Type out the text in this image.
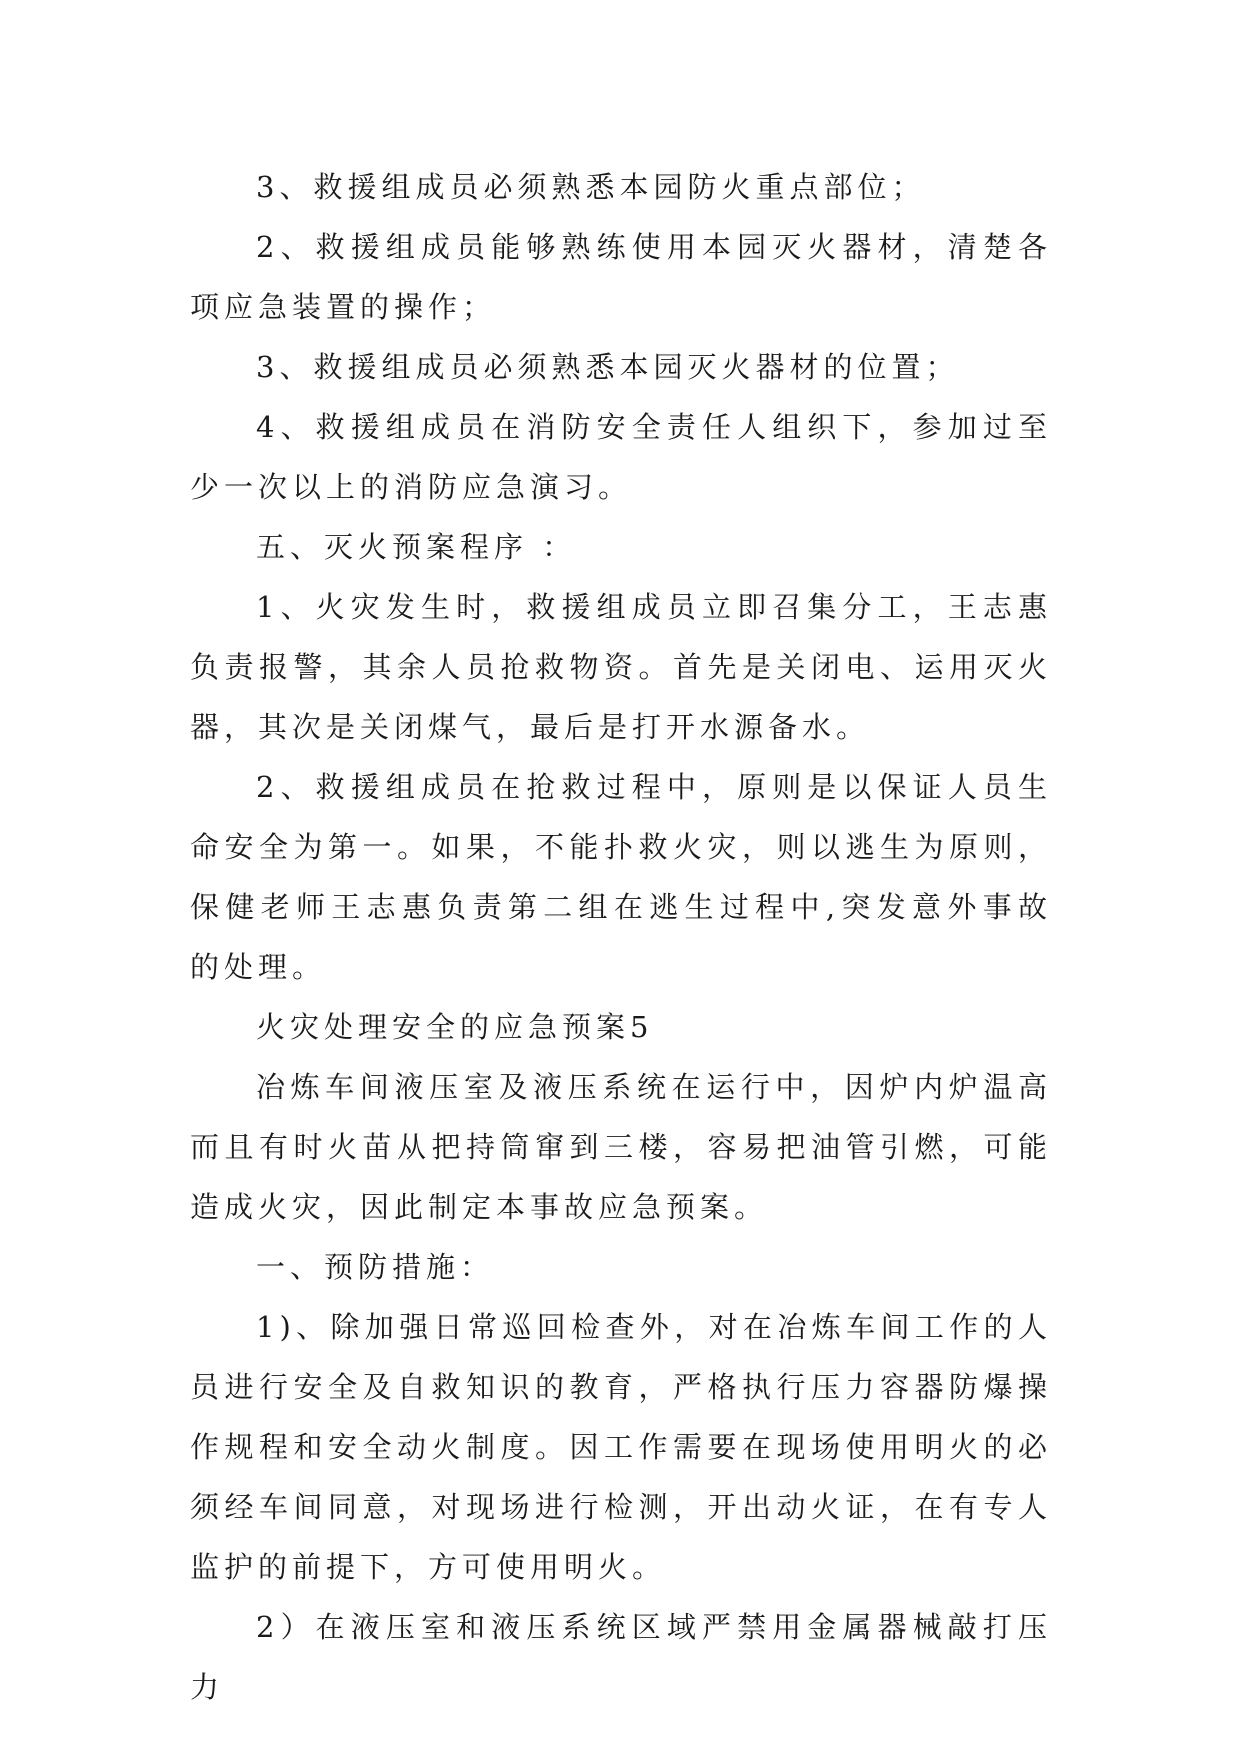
3、救援组成员必须熟悉本园防火重点部位；

2、救援组成员能够熟练使用本园灭火器材，清楚各项应急装置的操作；

3、救援组成员必须熟悉本园灭火器材的位置；

4、救援组成员在消防安全责任人组织下，参加过至少一次以上的消防应急演习。

五、灭火预案程序 ：

1、火灾发生时，救援组成员立即召集分工，王志惠负责报警，其余人员抢救物资。首先是关闭电、运用灭火器，其次是关闭煤气，最后是打开水源备水。

2、救援组成员在抢救过程中，原则是以保证人员生命安全为第一。如果，不能扑救火灾，则以逃生为原则，保健老师王志惠负责第二组在逃生过程中,突发意外事故的处理。

火灾处理安全的应急预案5

冶炼车间液压室及液压系统在运行中，因炉内炉温高而且有时火苗从把持筒窜到三楼，容易把油管引燃，可能造成火灾，因此制定本事故应急预案。

一、预防措施：

1)、除加强日常巡回检查外，对在冶炼车间工作的人员进行安全及自救知识的教育，严格执行压力容器防爆操作规程和安全动火制度。因工作需要在现场使用明火的必须经车间同意，对现场进行检测，开出动火证，在有专人监护的前提下，方可使用明火。

2）在液压室和液压系统区域严禁用金属器械敲打压力
